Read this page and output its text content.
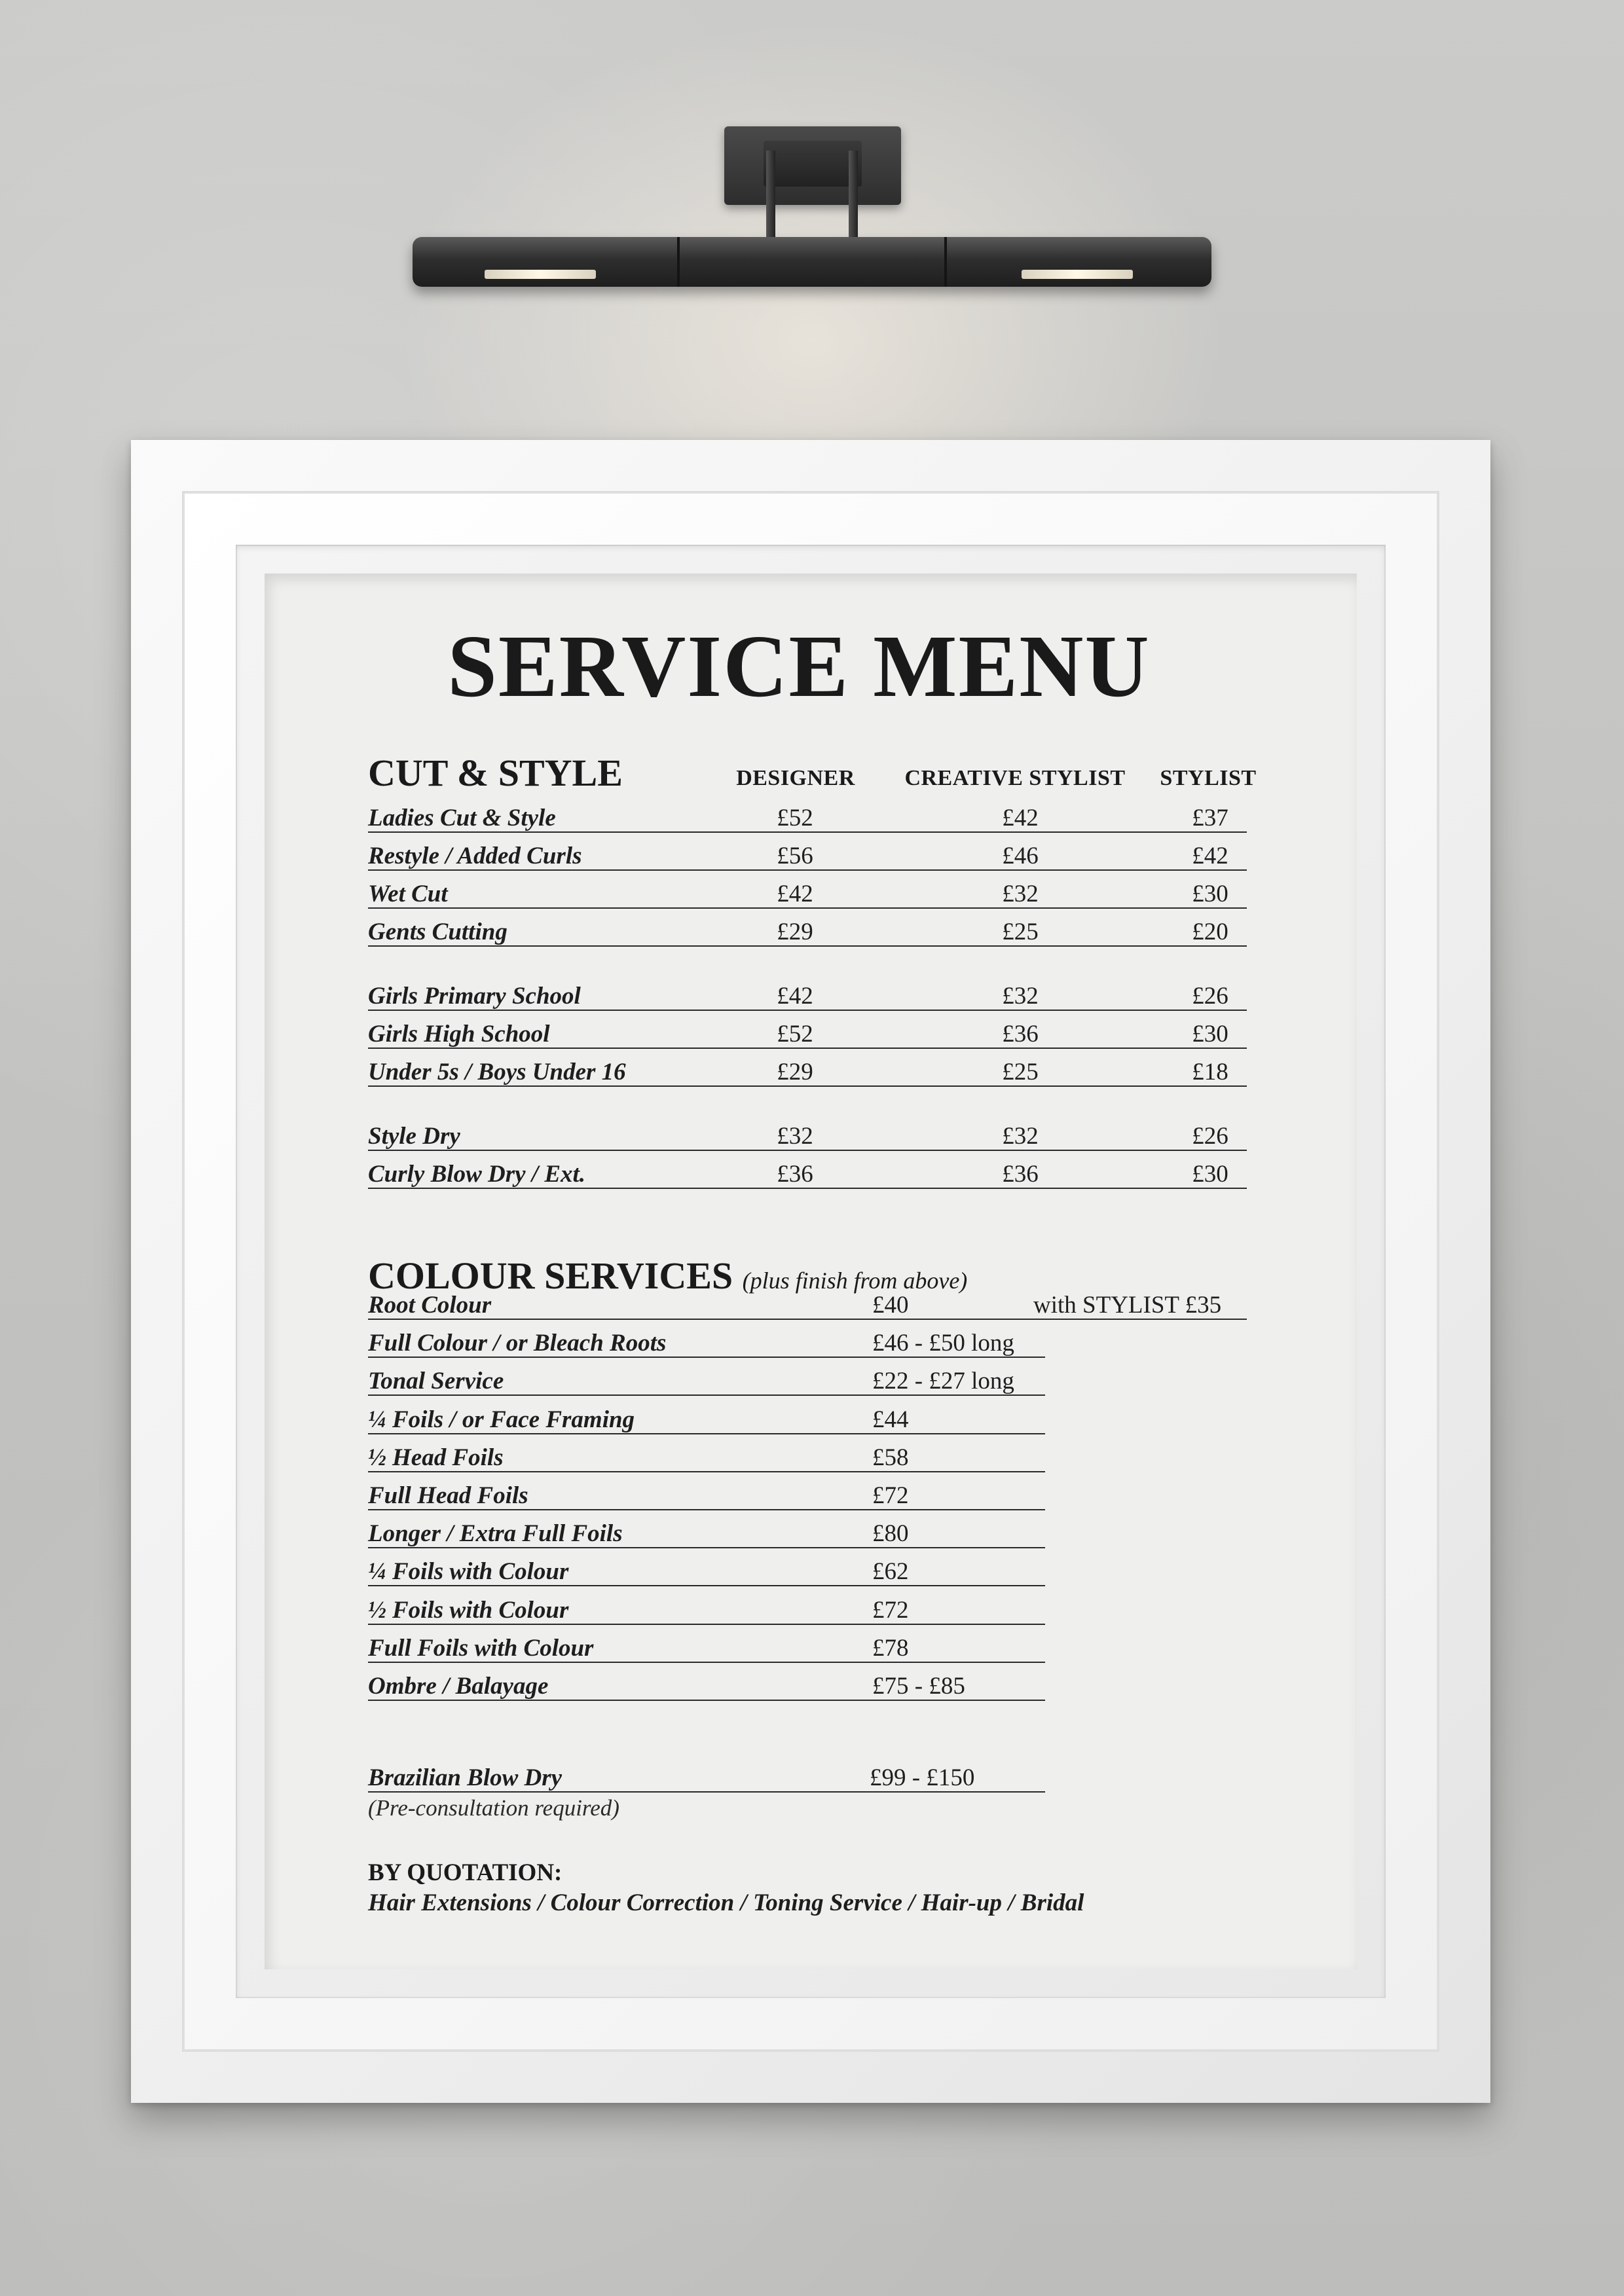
SERVICE MENU
CUT & STYLE	DESIGNER	CREATIVE STYLIST	STYLIST
Ladies Cut & Style	£52	£42	£37
Restyle / Added Curls	£56	£46	£42
Wet Cut	£42	£32	£30
Gents Cutting	£29	£25	£20
Girls Primary School	£42	£32	£26
Girls High School	£52	£36	£30
Under 5s / Boys Under 16	£29	£25	£18
Style Dry	£32	£32	£26
Curly Blow Dry / Ext.	£36	£36	£30
COLOUR SERVICES (plus finish from above)
Root Colour	£40	with STYLIST £35
Full Colour / or Bleach Roots	£46 - £50 long
Tonal Service	£22 - £27 long
¼ Foils / or Face Framing	£44
½ Head Foils	£58
Full Head Foils	£72
Longer / Extra Full Foils	£80
¼ Foils with Colour	£62
½ Foils with Colour	£72
Full Foils with Colour	£78
Ombre / Balayage	£75 - £85
Brazilian Blow Dry	£99 - £150
(Pre-consultation required)
BY QUOTATION:
Hair Extensions / Colour Correction / Toning Service / Hair-up / Bridal
